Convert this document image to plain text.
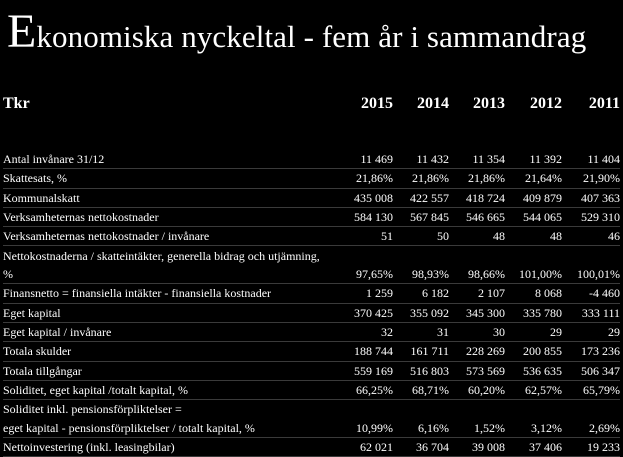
Ekonomiska nyckeltal - fem år i sammandrag
Tkr	2015	2014	2013	2012	2011

Antal invånare 31/12	11 469	11 432	11 354	11 392	11 404
Skattesats, %	21,86%	21,86%	21,86%	21,64%	21,90%
Kommunalskatt	435 008	422 557	418 724	409 879	407 363
Verksamheternas nettokostnader	584 130	567 845	546 665	544 065	529 310
Verksamheternas nettokostnader / invånare	51	50	48	48	46
Nettokostnaderna / skatteintäkter, generella bidrag och utjämning, %	97,65%	98,93%	98,66%	101,00%	100,01%
Finansnetto = finansiella intäkter - finansiella kostnader	1 259	6 182	2 107	8 068	-4 460
Eget kapital	370 425	355 092	345 300	335 780	333 111
Eget kapital / invånare	32	31	30	29	29
Totala skulder	188 744	161 711	228 269	200 855	173 236
Totala tillgångar	559 169	516 803	573 569	536 635	506 347
Soliditet, eget kapital /totalt kapital, %	66,25%	68,71%	60,20%	62,57%	65,79%
Soliditet inkl. pensionsförpliktelser =					
eget kapital - pensionsförpliktelser / totalt kapital, %	10,99%	6,16%	1,52%	3,12%	2,69%
Nettoinvestering (inkl. leasingbilar)	62 021	36 704	39 008	37 406	19 233
